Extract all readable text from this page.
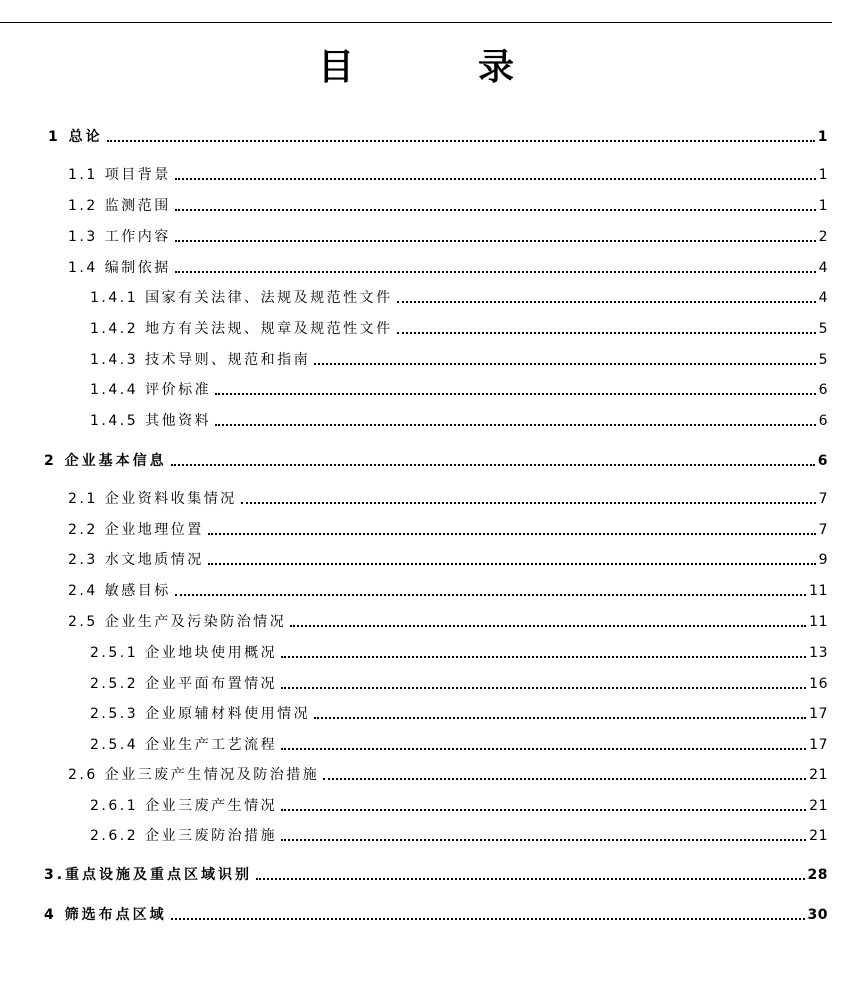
目　录
1 总论	1
1.1 项目背景	1
1.2 监测范围	1
1.3 工作内容	2
1.4 编制依据	4
1.4.1 国家有关法律、法规及规范性文件	4
1.4.2 地方有关法规、规章及规范性文件	5
1.4.3 技术导则、规范和指南	5
1.4.4 评价标准	6
1.4.5 其他资料	6
2 企业基本信息	6
2.1 企业资料收集情况	7
2.2 企业地理位置	7
2.3 水文地质情况	9
2.4 敏感目标	11
2.5 企业生产及污染防治情况	11
2.5.1 企业地块使用概况	13
2.5.2 企业平面布置情况	16
2.5.3 企业原辅材料使用情况	17
2.5.4 企业生产工艺流程	17
2.6 企业三废产生情况及防治措施	21
2.6.1 企业三废产生情况	21
2.6.2 企业三废防治措施	21
3.重点设施及重点区域识别	28
4 筛选布点区域	30
